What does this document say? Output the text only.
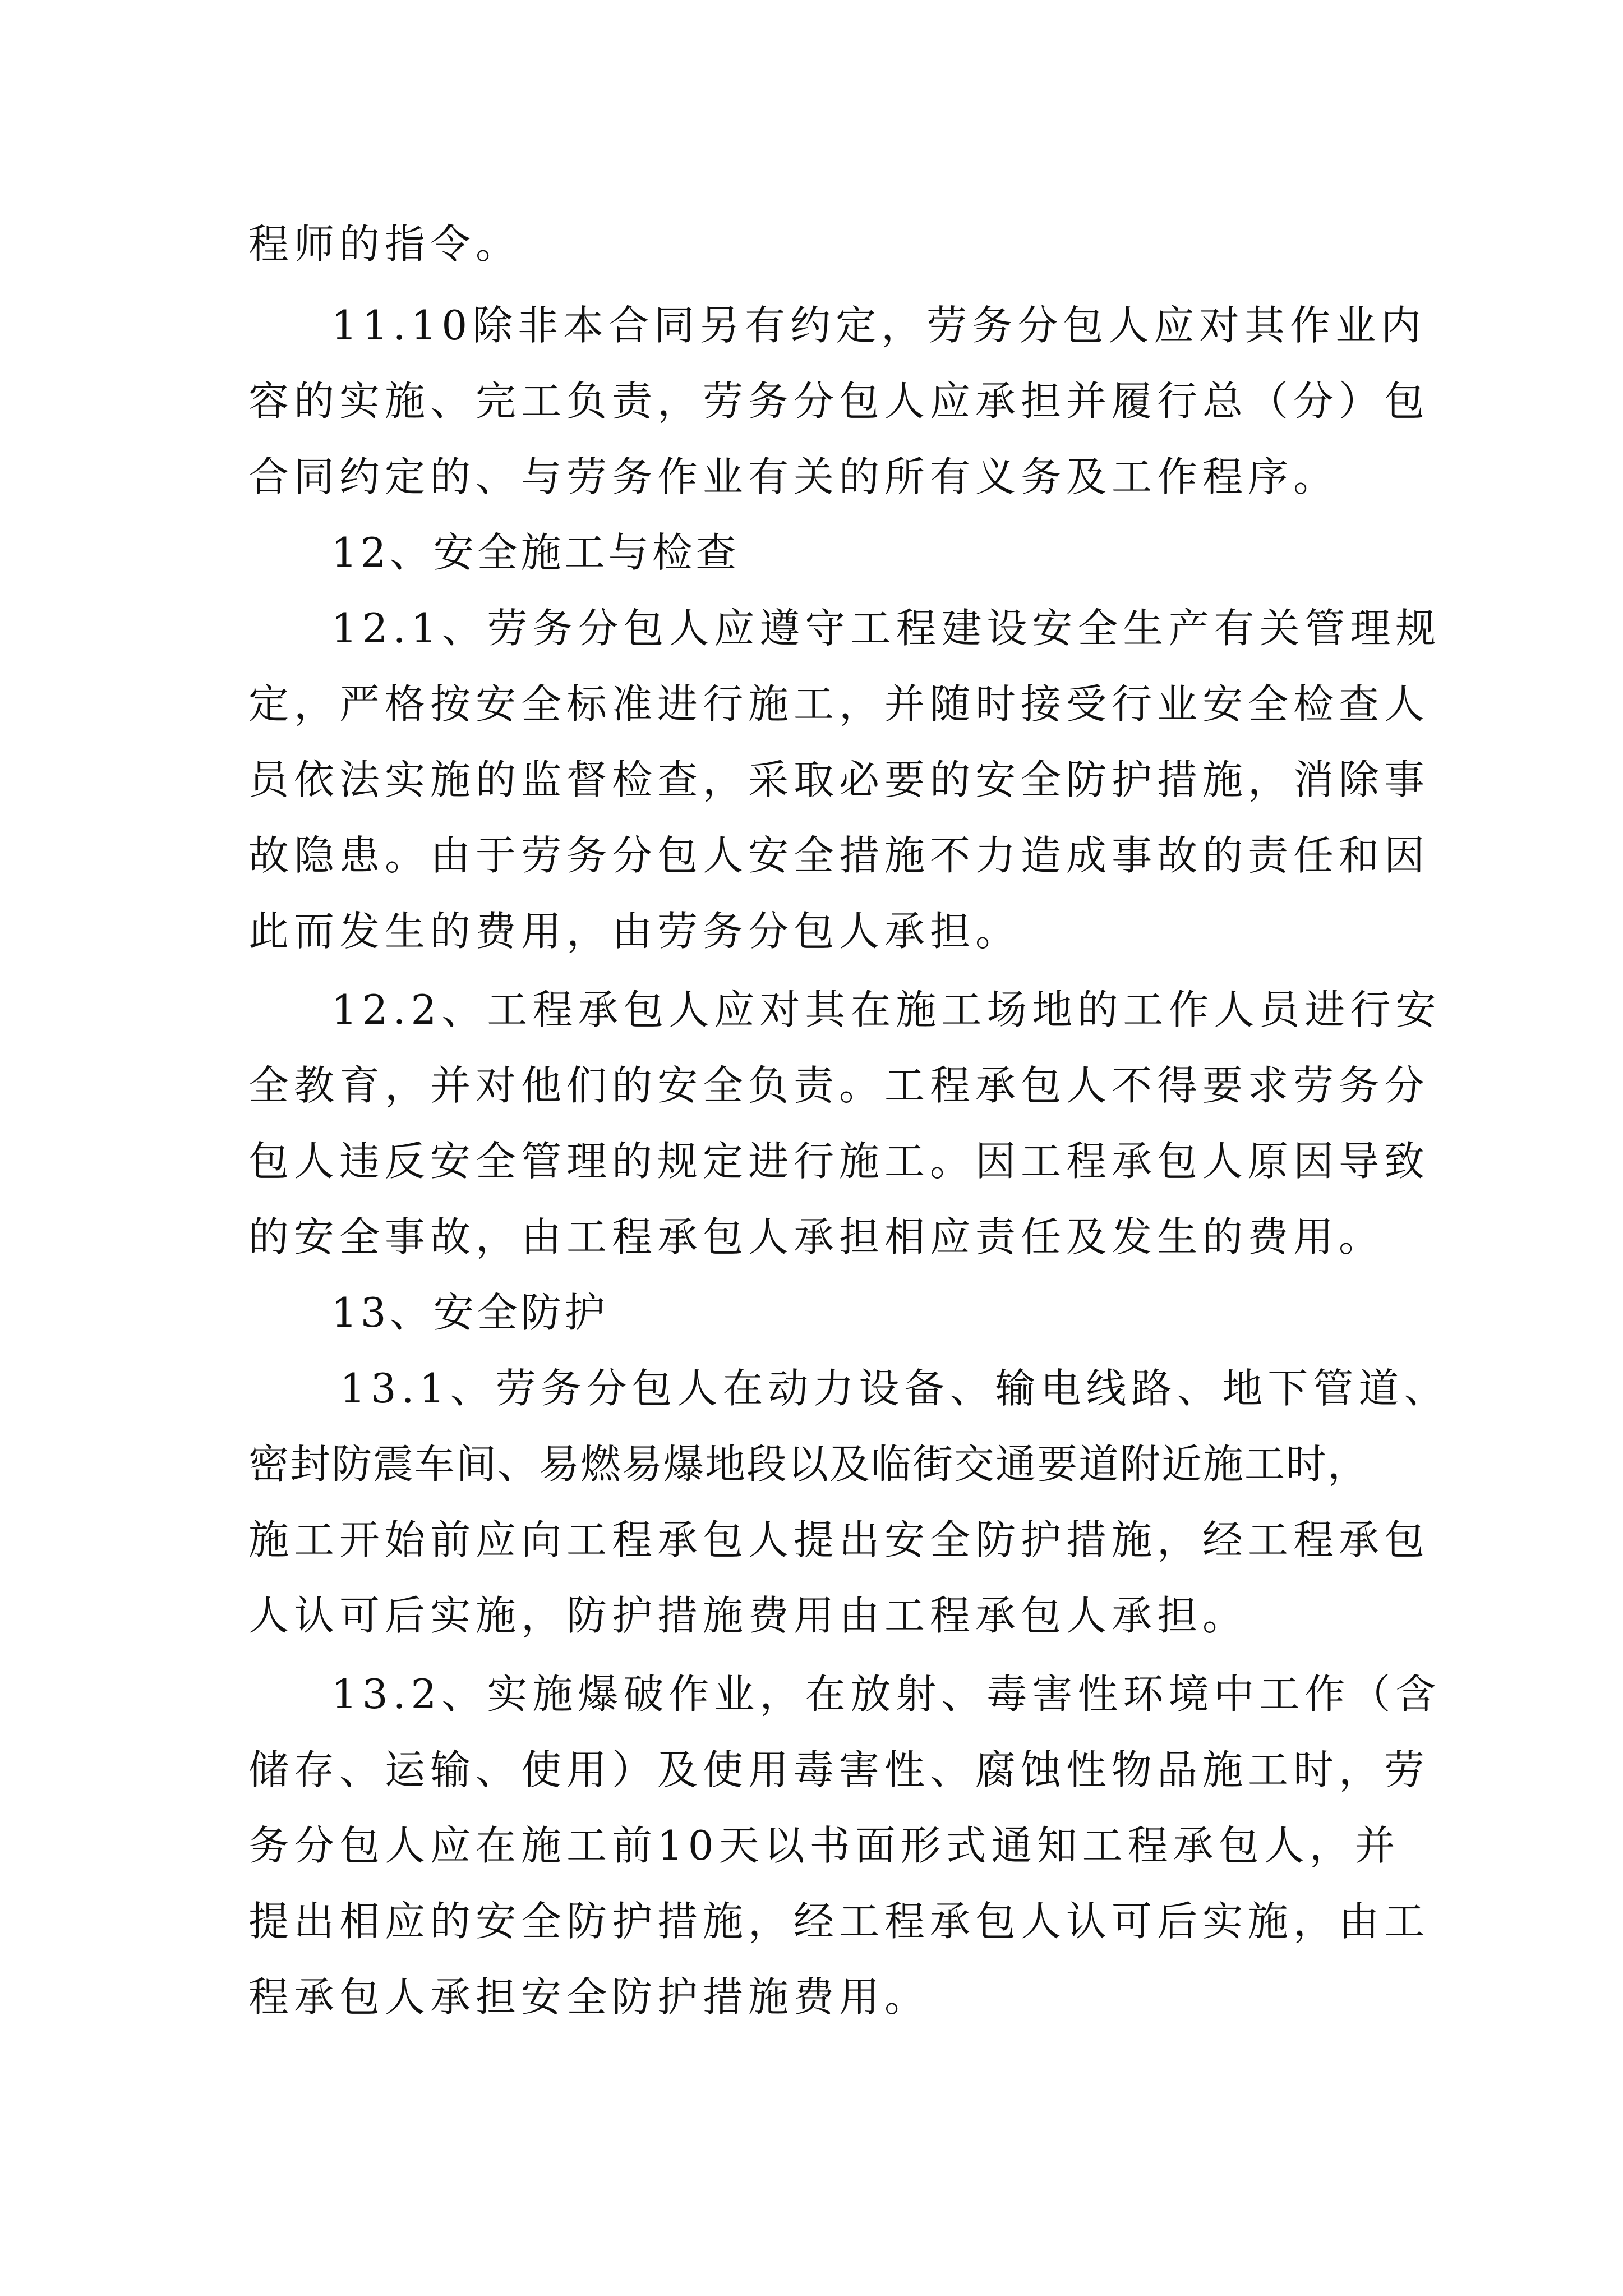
程师的指令。
11.10除非本合同另有约定，劳务分包人应对其作业内
容的实施、完工负责，劳务分包人应承担并履行总（分）包
合同约定的、与劳务作业有关的所有义务及工作程序。
12、安全施工与检查
12.1、劳务分包人应遵守工程建设安全生产有关管理规
定，严格按安全标准进行施工，并随时接受行业安全检查人
员依法实施的监督检查，采取必要的安全防护措施，消除事
故隐患。由于劳务分包人安全措施不力造成事故的责任和因
此而发生的费用，由劳务分包人承担。
12.2、工程承包人应对其在施工场地的工作人员进行安
全教育，并对他们的安全负责。工程承包人不得要求劳务分
包人违反安全管理的规定进行施工。因工程承包人原因导致
的安全事故，由工程承包人承担相应责任及发生的费用。
13、安全防护
13.1、劳务分包人在动力设备、输电线路、地下管道、
密封防震车间、易燃易爆地段以及临街交通要道附近施工时，
施工开始前应向工程承包人提出安全防护措施，经工程承包
人认可后实施，防护措施费用由工程承包人承担。
13.2、实施爆破作业，在放射、毒害性环境中工作（含
储存、运输、使用）及使用毒害性、腐蚀性物品施工时，劳
务分包人应在施工前10天以书面形式通知工程承包人，并
提出相应的安全防护措施，经工程承包人认可后实施，由工
程承包人承担安全防护措施费用。
